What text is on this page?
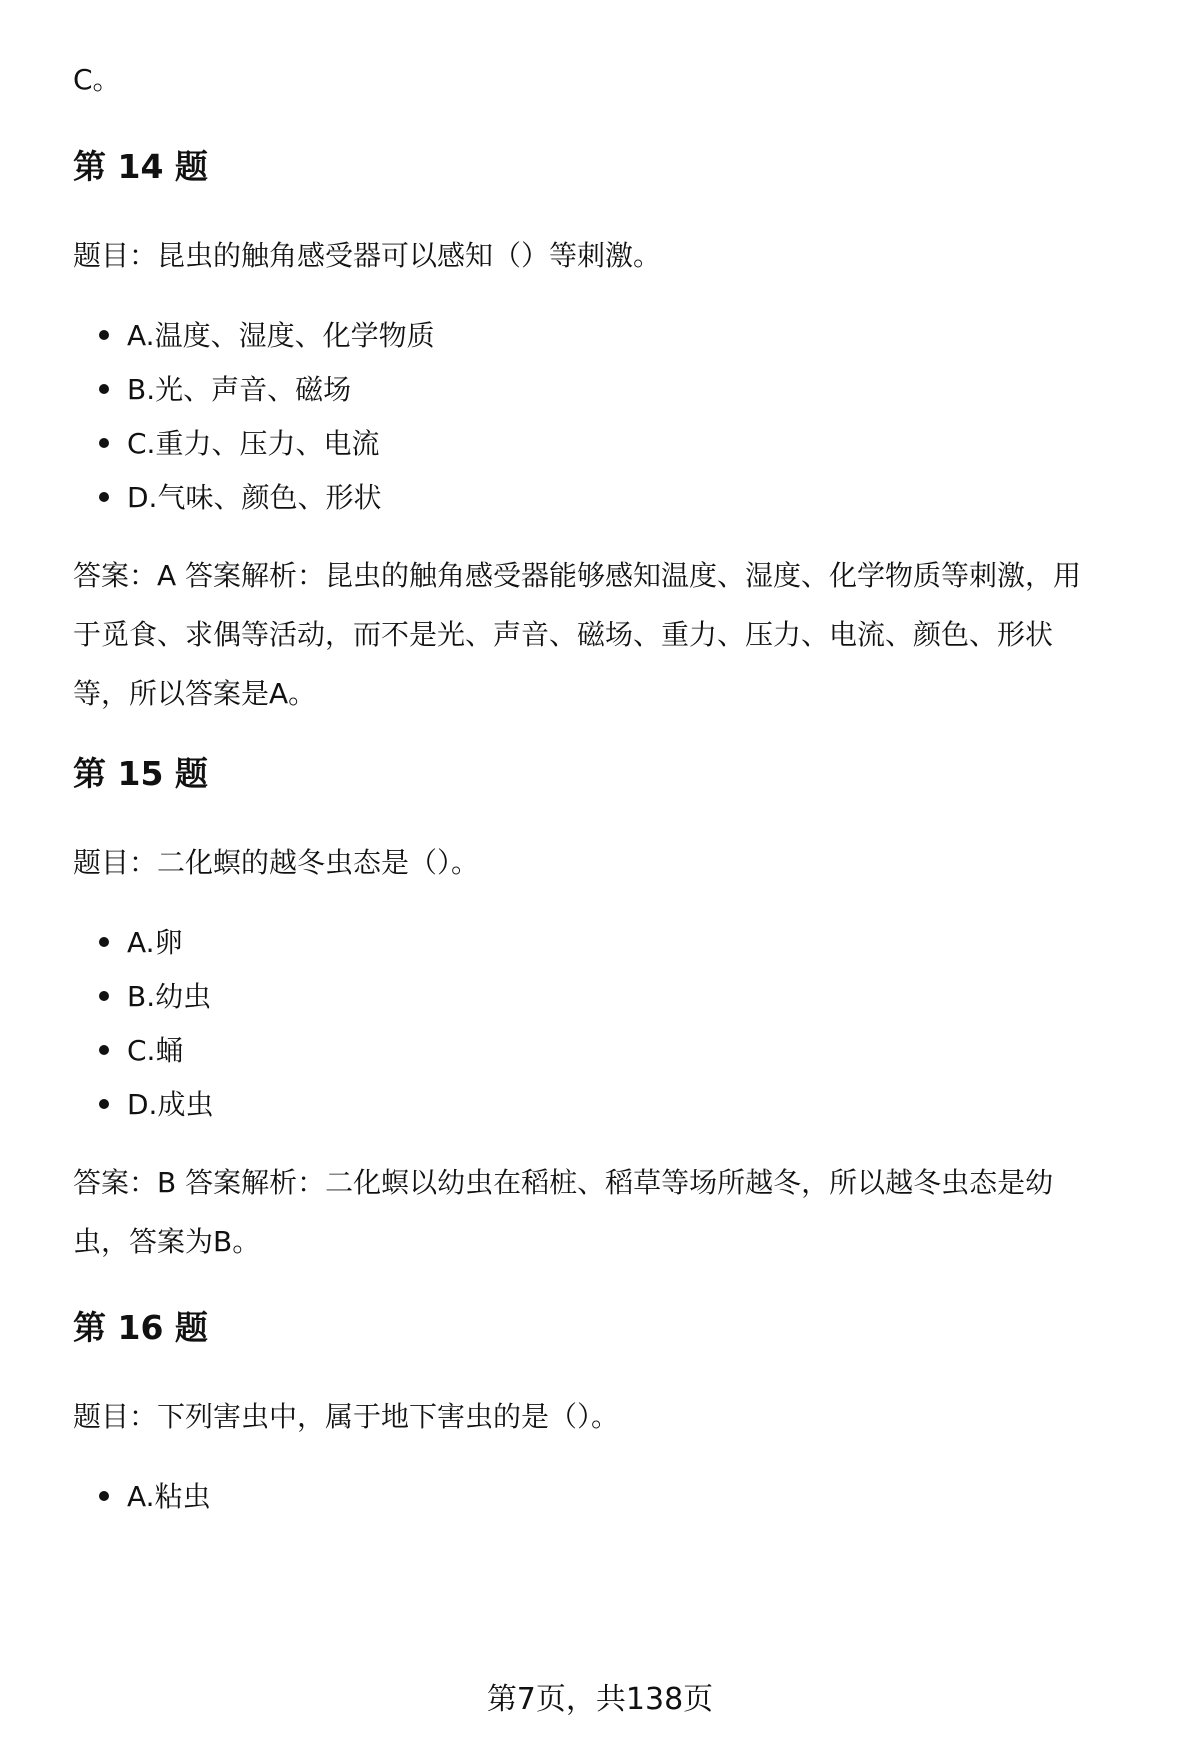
C。
第 14 题
题目：昆虫的触角感受器可以感知（）等刺激。
A.温度、湿度、化学物质
B.光、声音、磁场
C.重力、压力、电流
D.气味、颜色、形状
答案：A 答案解析：昆虫的触角感受器能够感知温度、湿度、化学物质等刺激，用
于觅食、求偶等活动，而不是光、声音、磁场、重力、压力、电流、颜色、形状
等，所以答案是A。
第 15 题
题目：二化螟的越冬虫态是（）。
A.卵
B.幼虫
C.蛹
D.成虫
答案：B 答案解析：二化螟以幼虫在稻桩、稻草等场所越冬，所以越冬虫态是幼
虫，答案为B。
第 16 题
题目：下列害虫中，属于地下害虫的是（）。
A.粘虫
第7页，共138页
